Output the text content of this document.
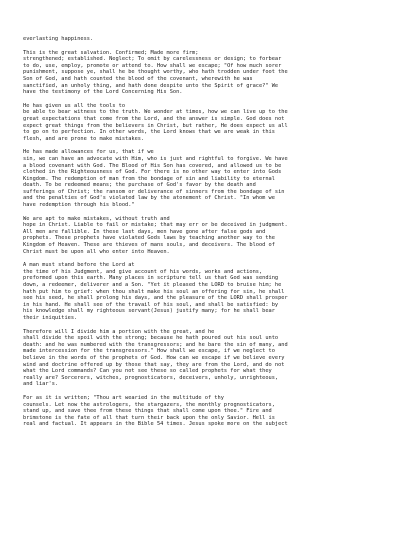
everlasting happiness.
This is the great salvation. Confirmed; Made more firm;
strengthened; established. Neglect; To omit by carelessness or design; to forbear
to do, use, employ, promote or attend to. How shall we escape; "Of how much sorer
punishment, suppose ye, shall he be thought worthy, who hath trodden under foot the
Son of God, and hath counted the blood of the covenant, wherewith he was
sanctified, an unholy thing, and hath done despite unto the Spirit of grace?" We
have the testimony of the Lord Concerning His Son.
He has given us all the tools to
be able to bear witness to the truth. We wonder at times, how we can live up to the
great expectations that come from the Lord, and the answer is simple. God does not
expect great things from the believers in Christ, but rather, He does expect us all
to go on to perfection. In other words, the Lord knows that we are weak in this
flesh, and are prone to make mistakes.
He has made allowances for us, that if we
sin, we can have an advocate with Him, who is just and rightful to forgive. We have
a blood covenant with God. The Blood of His Son has covered, and allowed us to be
clothed in the Righteousness of God. For there is no other way to enter into Gods
Kingdom. The redemption of man from the bondage of sin and liability to eternal
death. To be redeemed means; the purchase of God's favor by the death and
sufferings of Christ; the ransom or deliverance of sinners from the bondage of sin
and the penalties of God's violated law by the atonement of Christ. "In whom we
have redemption through his blood."
We are apt to make mistakes, without truth and
hope in Christ. Liable to fail or mistake; that may err or be deceived in judgment.
All men are fallible. In these last days, men have gone after false gods and
prophets. These prophets have violated Gods laws by teaching another way to the
Kingdom of Heaven. These are thieves of mans souls, and deceivers. The blood of
Christ must be upon all who enter into Heaven.
A man must stand before the Lord at
the time of his Judgment, and give account of his words, works and actions,
preformed upon this earth. Many places in scripture tell us that God was sending
down, a redeemer, deliverer and a Son. "Yet it pleased the LORD to bruise him; he
hath put him to grief: when thou shalt make his soul an offering for sin, he shall
see his seed, he shall prolong his days, and the pleasure of the LORD shall prosper
in his hand. He shall see of the travail of his soul, and shall be satisfied: by
his knowledge shall my righteous servant(Jesus) justify many; for he shall bear
their iniquities.
Therefore will I divide him a portion with the great, and he
shall divide the spoil with the strong; because he hath poured out his soul unto
death: and he was numbered with the transgressors; and he bare the sin of many, and
made intercession for the transgressors." How shall we escape, if we neglect to
believe in the words of the prophets of God. How can we escape if we believe every
wind and doctrine offered up by those that say, they are from the Lord, and do not
what the Lord commands? Can you not see these so called prophets for what they
really are? Sorcerers, witches, prognosticators, deceivers, unholy, unrighteous,
and liar's.
For as it is written; "Thou art wearied in the multitude of thy
counsels. Let now the astrologers, the stargazers, the monthly prognosticators,
stand up, and save thee from these things that shall come upon thee." Fire and
brimstone is the fate of all that turn their back upon the only Savior. Hell is
real and factual. It appears in the Bible 54 times. Jesus spoke more on the subject
